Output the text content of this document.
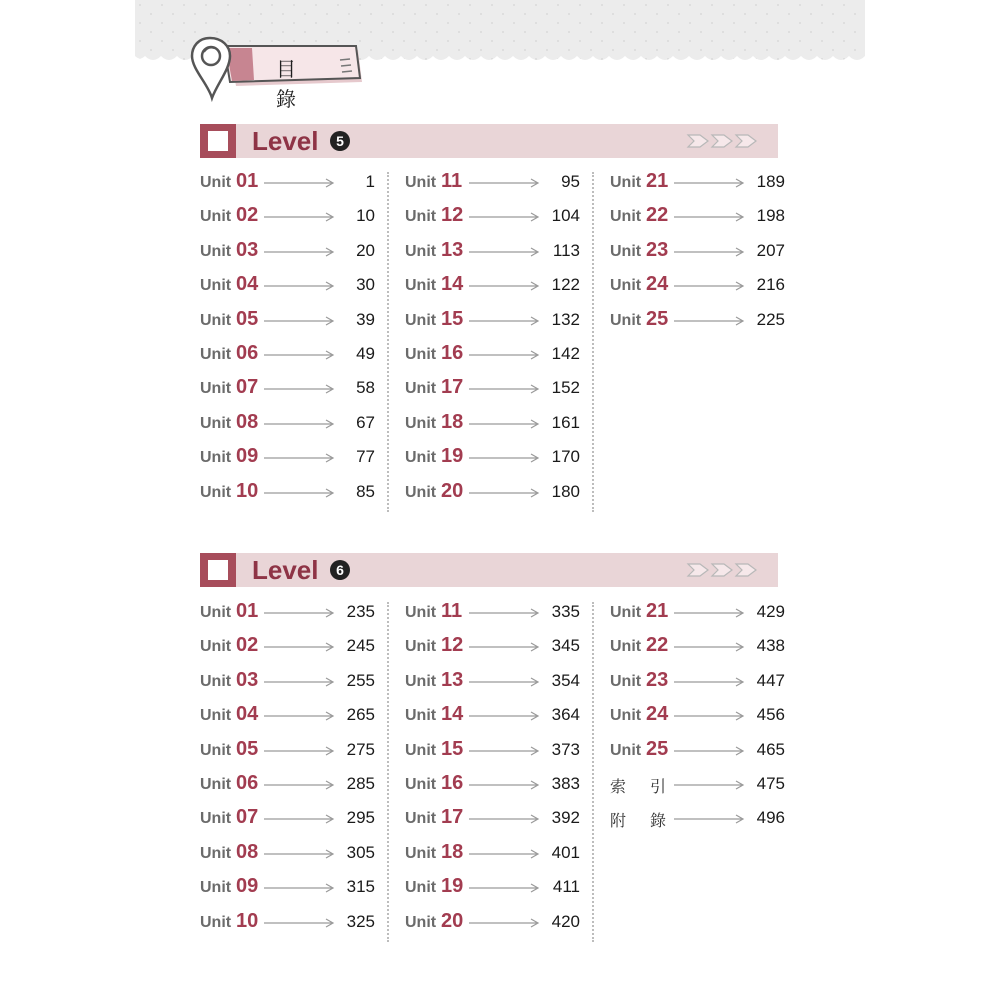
目 錄
Level	5
Unit 01	1
Unit 02	10
Unit 03	20
Unit 04	30
Unit 05	39
Unit 06	49
Unit 07	58
Unit 08	67
Unit 09	77
Unit 10	85
Unit 11	95
Unit 12	104
Unit 13	113
Unit 14	122
Unit 15	132
Unit 16	142
Unit 17	152
Unit 18	161
Unit 19	170
Unit 20	180
Unit 21	189
Unit 22	198
Unit 23	207
Unit 24	216
Unit 25	225
Level	6
Unit 01	235
Unit 02	245
Unit 03	255
Unit 04	265
Unit 05	275
Unit 06	285
Unit 07	295
Unit 08	305
Unit 09	315
Unit 10	325
Unit 11	335
Unit 12	345
Unit 13	354
Unit 14	364
Unit 15	373
Unit 16	383
Unit 17	392
Unit 18	401
Unit 19	411
Unit 20	420
Unit 21	429
Unit 22	438
Unit 23	447
Unit 24	456
Unit 25	465
索 引	475
附 錄	496
